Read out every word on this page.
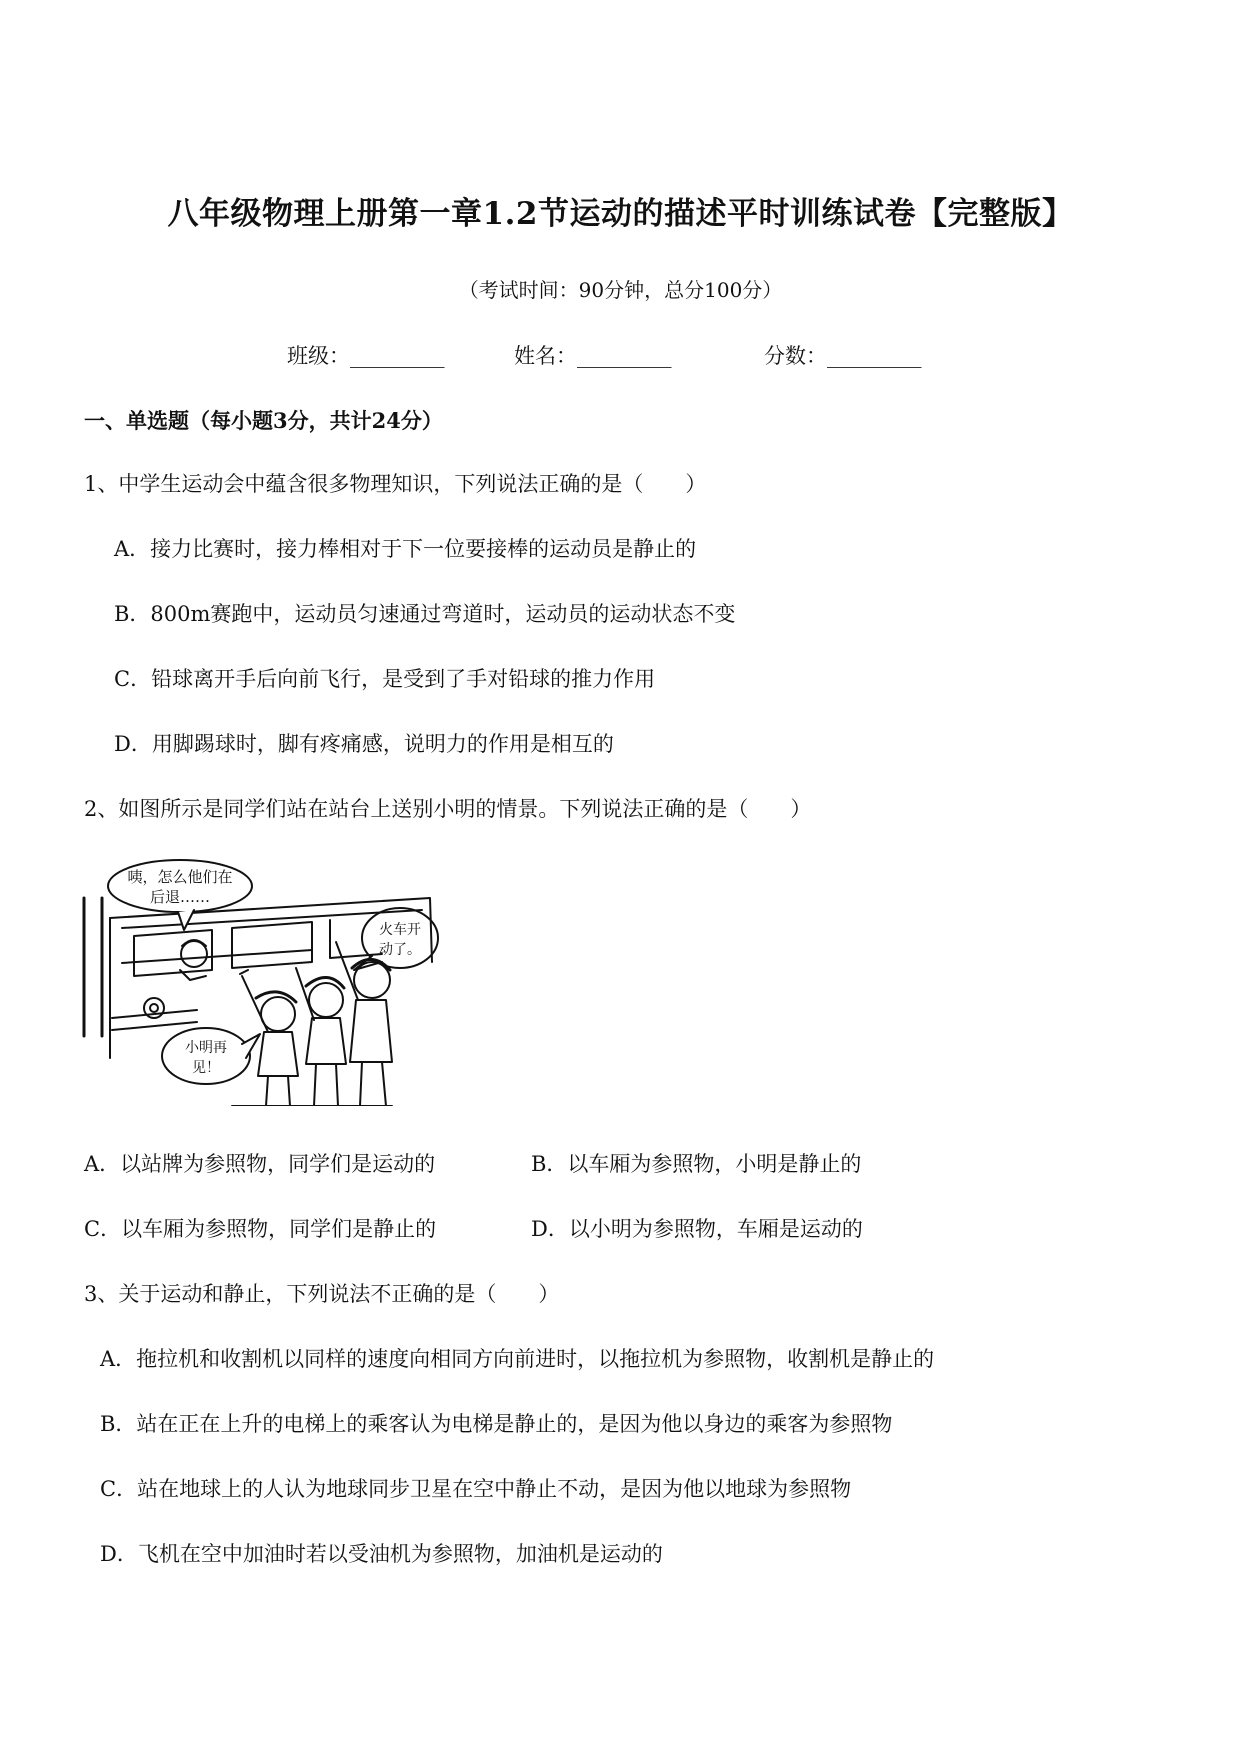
八年级物理上册第一章1.2节运动的描述平时训练试卷【完整版】
（考试时间：90分钟，总分100分）
班级：_________	姓名：_________	分数：_________
一、单选题（每小题3分，共计24分）
1、中学生运动会中蕴含很多物理知识，下列说法正确的是（　　）
A．接力比赛时，接力棒相对于下一位要接棒的运动员是静止的
B．800m赛跑中，运动员匀速通过弯道时，运动员的运动状态不变
C．铅球离开手后向前飞行，是受到了手对铅球的推力作用
D．用脚踢球时，脚有疼痛感，说明力的作用是相互的
2、如图所示是同学们站在站台上送别小明的情景。下列说法正确的是（　　）
咦，怎么他们在
后退……
火车开
动了。
小明再
见！
A．以站牌为参照物，同学们是运动的	B．以车厢为参照物，小明是静止的
C．以车厢为参照物，同学们是静止的	D．以小明为参照物，车厢是运动的
3、关于运动和静止，下列说法不正确的是（　　）
A．拖拉机和收割机以同样的速度向相同方向前进时，以拖拉机为参照物，收割机是静止的
B．站在正在上升的电梯上的乘客认为电梯是静止的，是因为他以身边的乘客为参照物
C．站在地球上的人认为地球同步卫星在空中静止不动，是因为他以地球为参照物
D．飞机在空中加油时若以受油机为参照物，加油机是运动的
